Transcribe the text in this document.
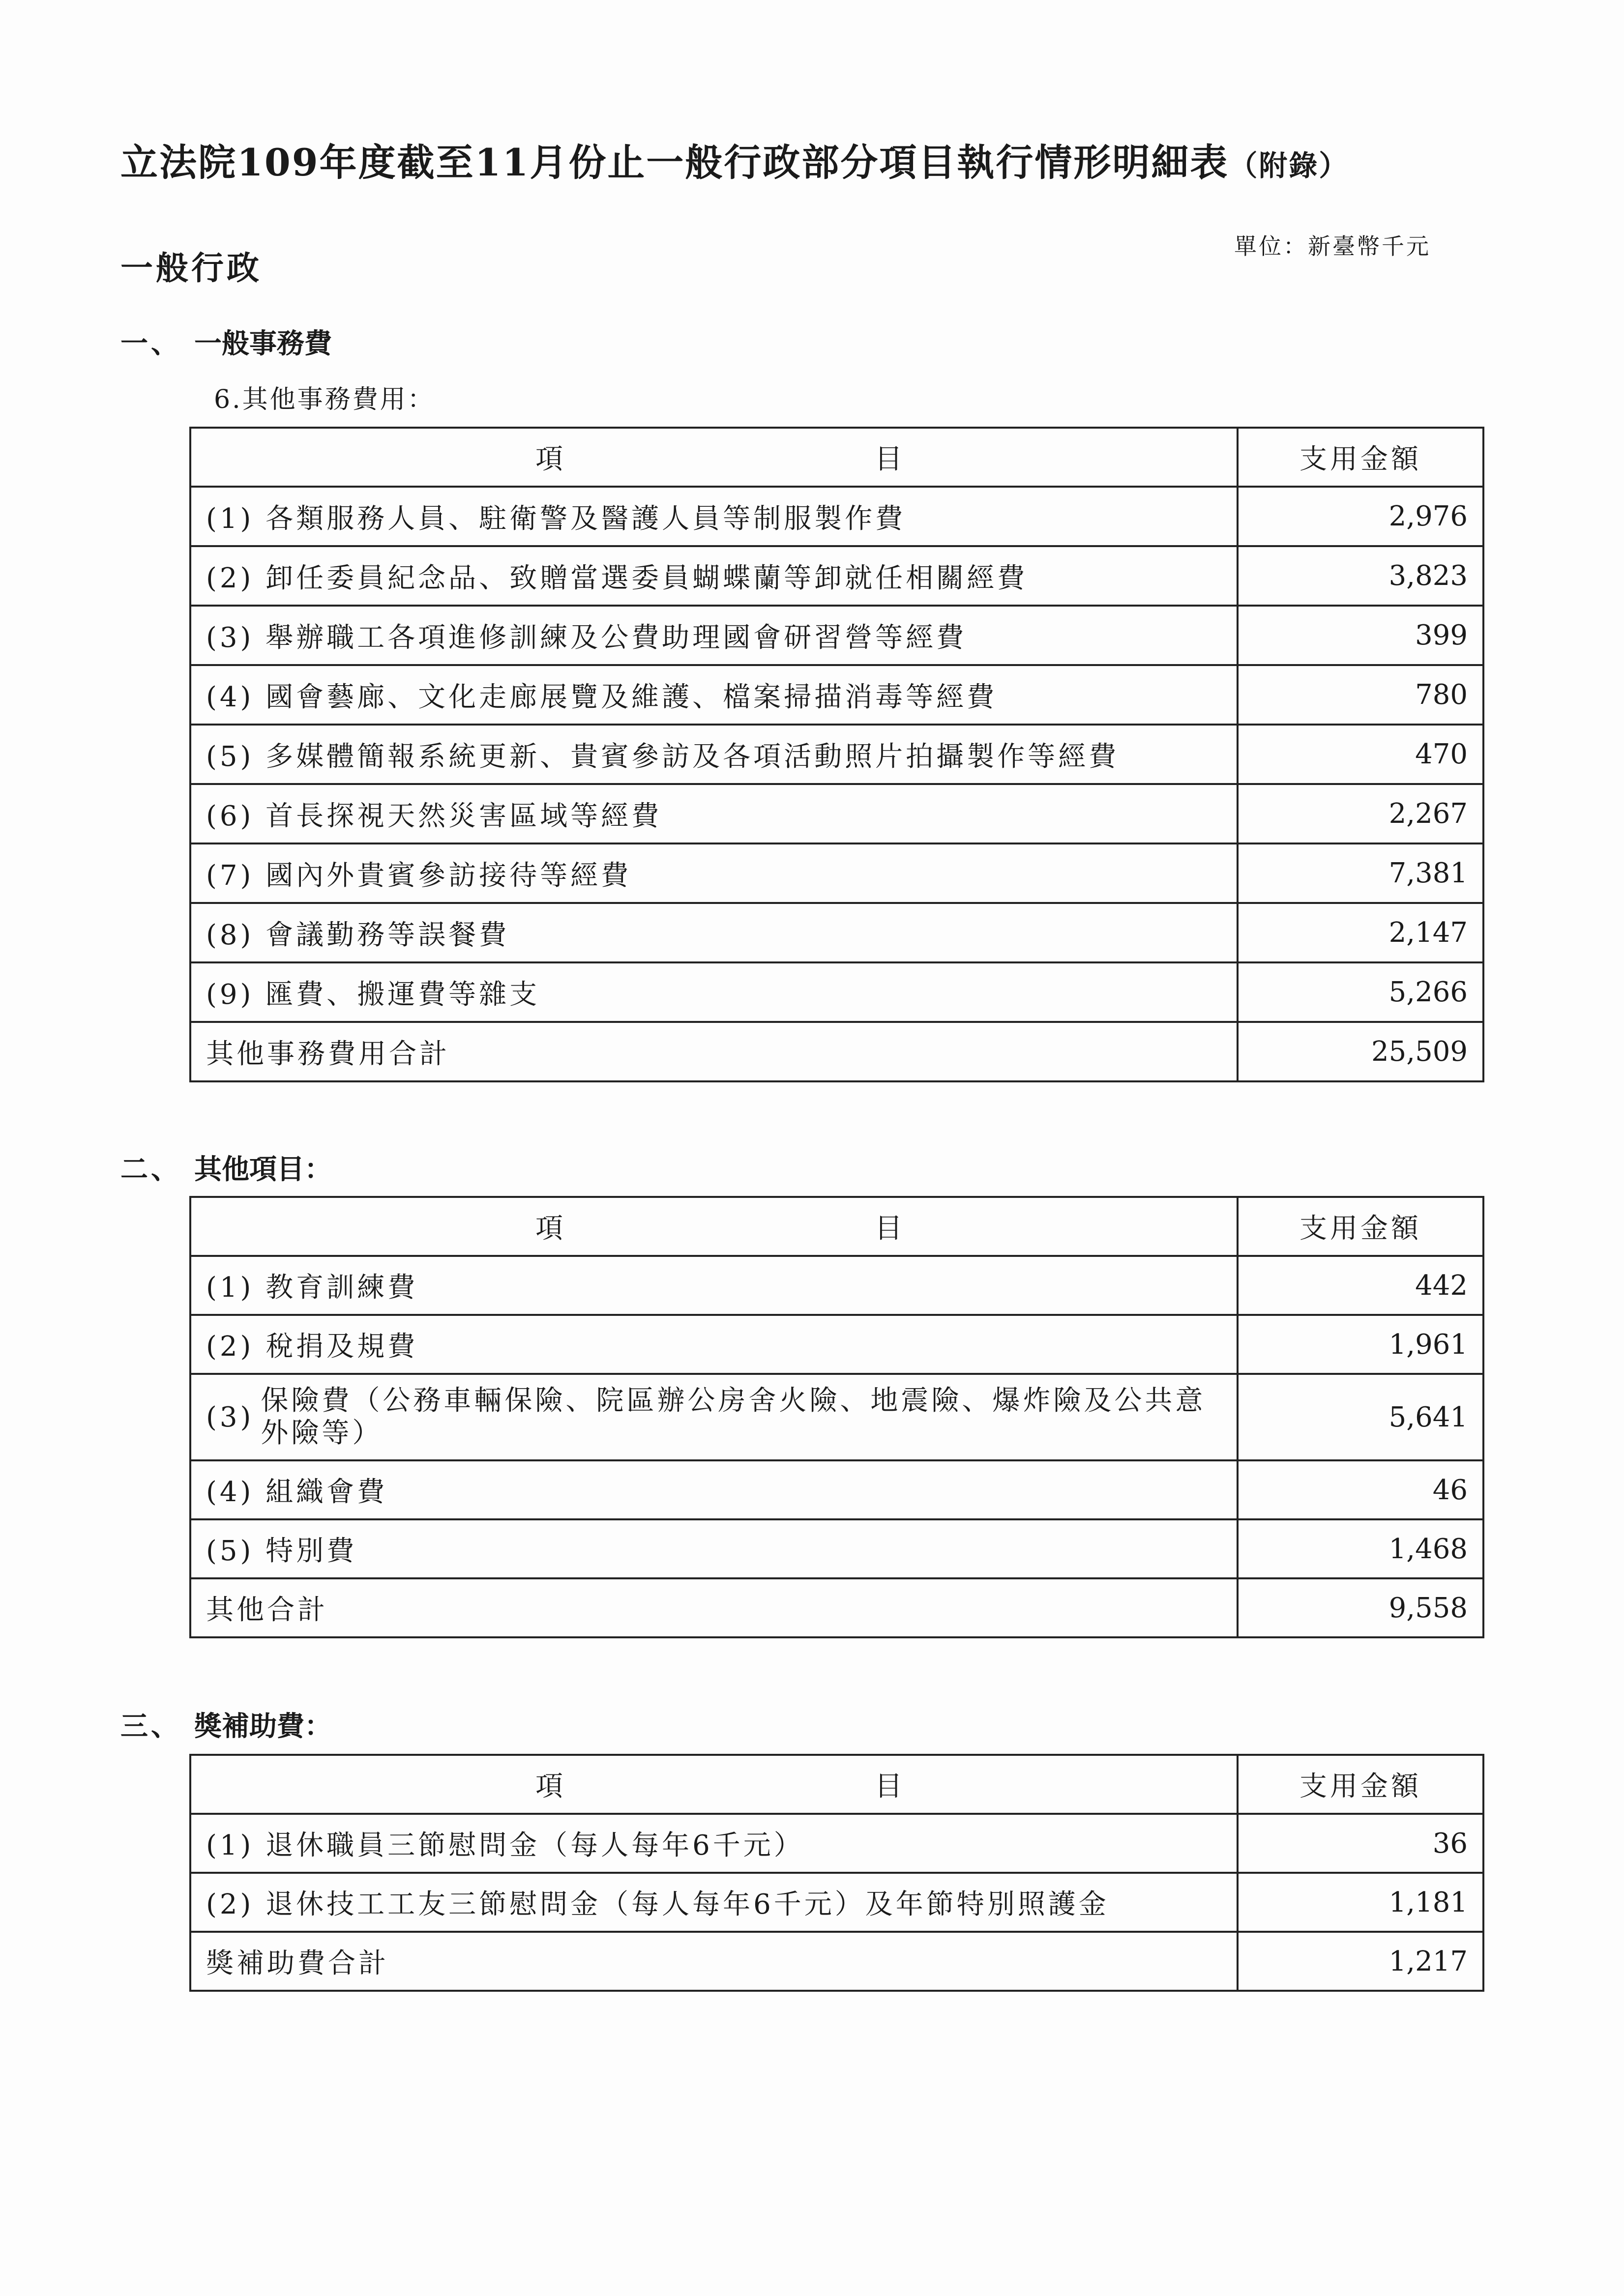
立法院109年度截至11月份止一般行政部分項目執行情形明細表（附錄）
單位：新臺幣千元
一般行政
一、 一般事務費
6.其他事務費用：
項 目	支用金額
(1) 各類服務人員、駐衛警及醫護人員等制服製作費	2,976
(2) 卸任委員紀念品、致贈當選委員蝴蝶蘭等卸就任相關經費	3,823
(3) 舉辦職工各項進修訓練及公費助理國會研習營等經費	399
(4) 國會藝廊、文化走廊展覽及維護、檔案掃描消毒等經費	780
(5) 多媒體簡報系統更新、貴賓參訪及各項活動照片拍攝製作等經費	470
(6) 首長探視天然災害區域等經費	2,267
(7) 國內外貴賓參訪接待等經費	7,381
(8) 會議勤務等誤餐費	2,147
(9) 匯費、搬運費等雜支	5,266
其他事務費用合計	25,509
二、 其他項目：
項 目	支用金額
(1) 教育訓練費	442
(2) 稅捐及規費	1,961

(3)
保險費（公務車輛保險、院區辦公房舍火險、地震險、爆炸險及公共意外險等）	5,641
(4) 組織會費	46
(5) 特別費	1,468
其他合計	9,558
三、 獎補助費：
項 目	支用金額
(1) 退休職員三節慰問金（每人每年6千元）	36
(2) 退休技工工友三節慰問金（每人每年6千元）及年節特別照護金	1,181
獎補助費合計	1,217
